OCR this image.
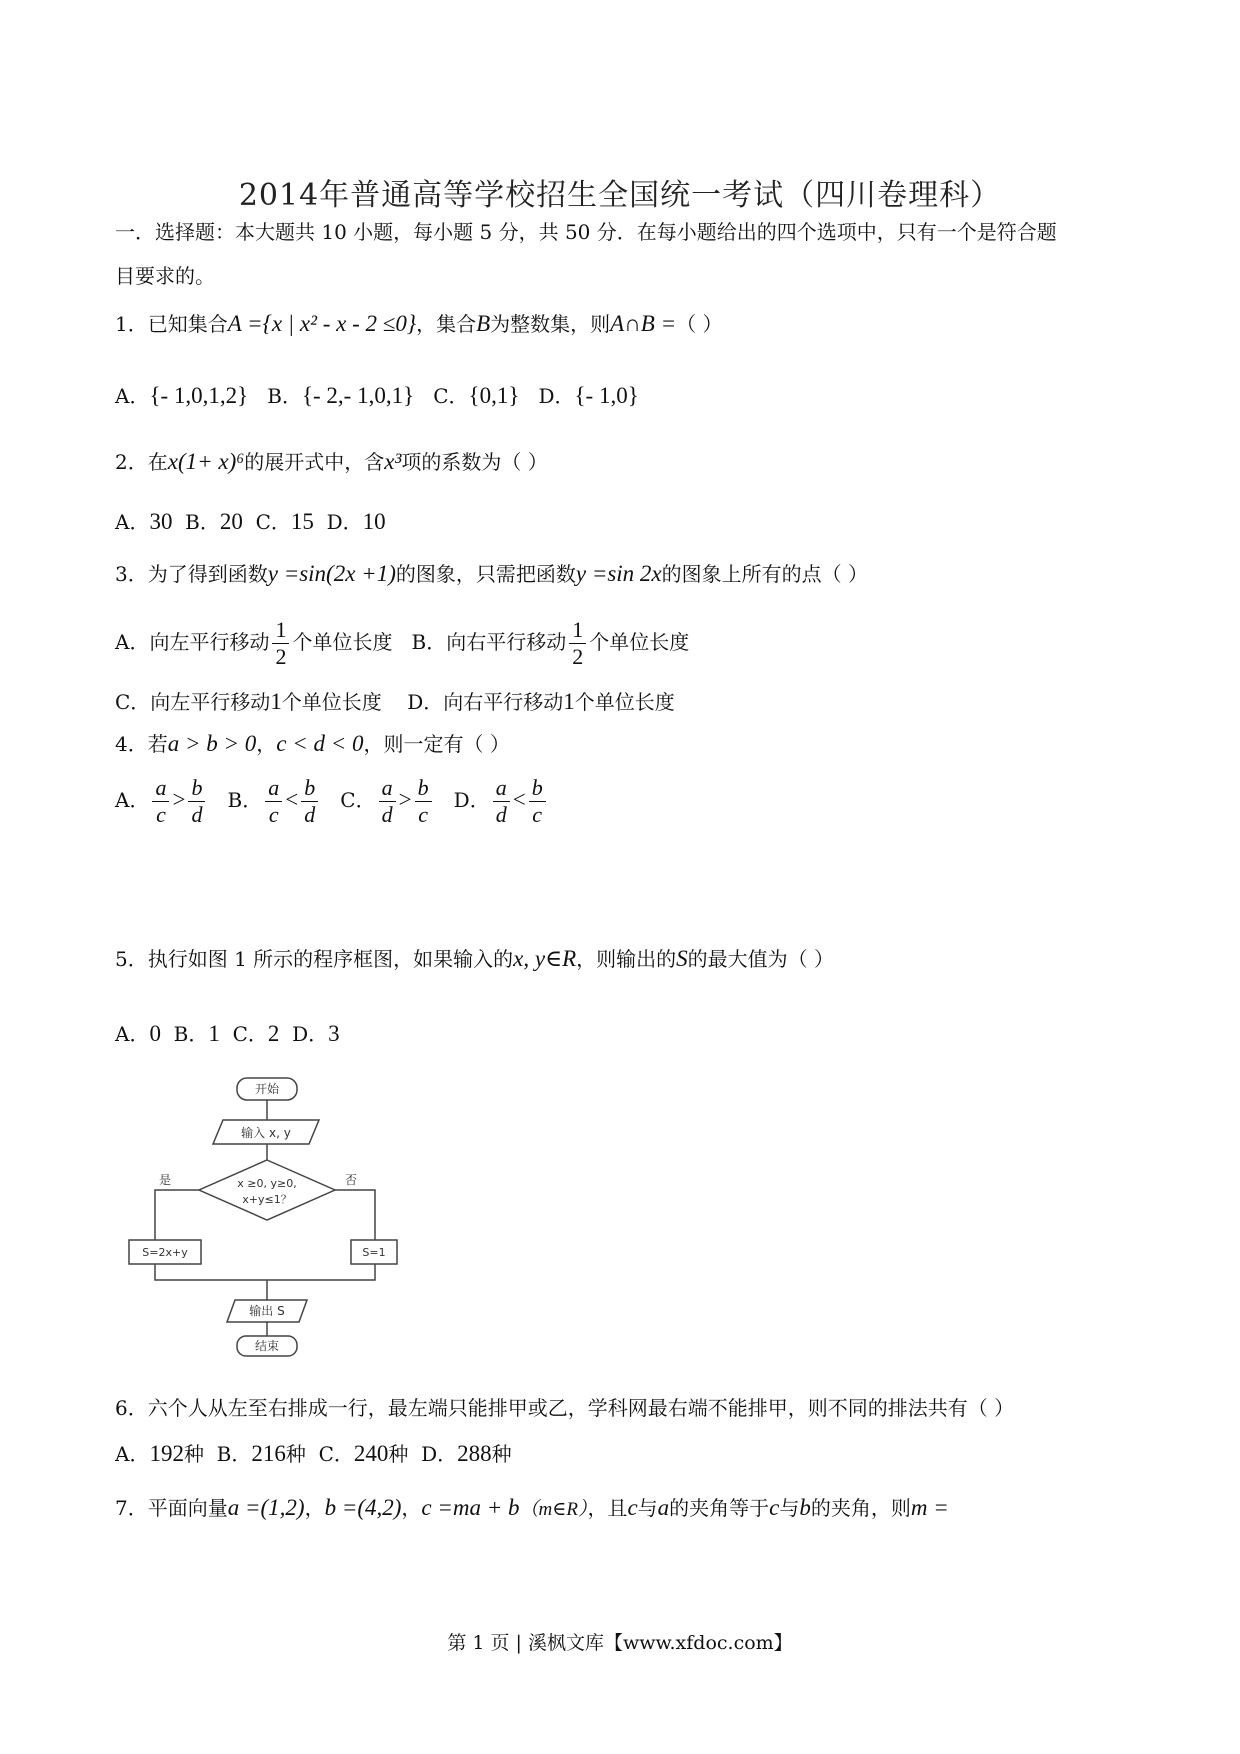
2014年普通高等学校招生全国统一考试（四川卷理科）
一．选择题：本大题共 10 小题，每小题 5 分，共 50 分．在每小题给出的四个选项中，只有一个是符合题
目要求的。
1．已知集合A ={x | x² - x - 2 ≤0}，集合B为整数集，则A∩B =（ ）
A．{- 1,0,1,2} B．{- 2,- 1,0,1} C．{0,1} D．{- 1,0}
2．在x(1+ x)⁶的展开式中，含x³项的系数为（ ）
A．30 B．20 C．15 D．10
3．为了得到函数y =sin(2x +1)的图象，只需把函数y =sin 2x的图象上所有的点（ ）
A．向左平行移动 $\frac{1}{2}$ 个单位长度 B．向右平行移动 $\frac{1}{2}$ 个单位长度
C．向左平行移动1个单位长度 D．向右平行移动1个单位长度
4．若a > b > 0，c < d < 0，则一定有（ ）
A． $\frac{a}{c} > \frac{b}{d}$ B． $\frac{a}{c} < \frac{b}{d}$ C． $\frac{a}{d} > \frac{b}{c}$ D． $\frac{a}{d} < \frac{b}{c}$
5．执行如图 1 所示的程序框图，如果输入的x, y∈R，则输出的S的最大值为（ ）
A．0 B．1 C．2 D．3
开始
输入 x, y
x ≥0, y≥0,
x+y≤1？
是	否
S=2x+y	S=1
输出 S
结束
6．六个人从左至右排成一行，最左端只能排甲或乙，学科网最右端不能排甲，则不同的排法共有（ ）
A．192种 B．216种 C．240种 D．288种
7．平面向量a =(1,2)，b =(4,2)，c =ma + b（m∈R），且c与a的夹角等于c与b的夹角，则m =
第 1 页 | 溪枫文库【www.xfdoc.com】
